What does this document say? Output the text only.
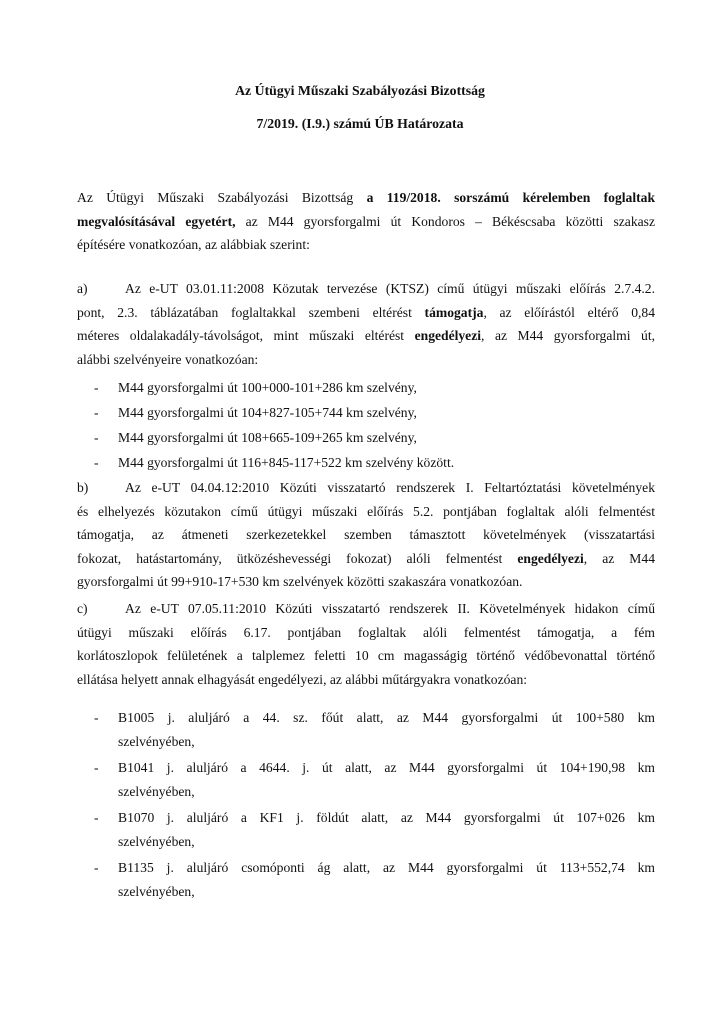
Az Útügyi Műszaki Szabályozási Bizottság
7/2019. (I.9.) számú ÚB Határozata
Az Útügyi Műszaki Szabályozási Bizottság a 119/2018. sorszámú kérelemben foglaltak
megvalósításával egyetért, az M44 gyorsforgalmi út Kondoros – Békéscsaba közötti szakasz
építésére vonatkozóan, az alábbiak szerint:
a)	Az e-UT 03.01.11:2008 Közutak tervezése (KTSZ) című útügyi műszaki előírás 2.7.4.2.
pont, 2.3. táblázatában foglaltakkal szembeni eltérést támogatja, az előírástól eltérő 0,84
méteres oldalakadály-távolságot, mint műszaki eltérést engedélyezi, az M44 gyorsforgalmi út,
alábbi szelvényeire vonatkozóan:
-	M44 gyorsforgalmi út 100+000-101+286 km szelvény,
-	M44 gyorsforgalmi út 104+827-105+744 km szelvény,
-	M44 gyorsforgalmi út 108+665-109+265 km szelvény,
-	M44 gyorsforgalmi út 116+845-117+522 km szelvény között.
b)	Az e-UT 04.04.12:2010 Közúti visszatartó rendszerek I. Feltartóztatási követelmények
és elhelyezés közutakon című útügyi műszaki előírás 5.2. pontjában foglaltak alóli felmentést
támogatja, az átmeneti szerkezetekkel szemben támasztott követelmények (visszatartási
fokozat, hatástartomány, ütközéshevességi fokozat) alóli felmentést engedélyezi, az M44
gyorsforgalmi út 99+910-17+530 km szelvények közötti szakaszára vonatkozóan.
c)	Az e-UT 07.05.11:2010 Közúti visszatartó rendszerek II. Követelmények hidakon című
útügyi műszaki előírás 6.17. pontjában foglaltak alóli felmentést támogatja, a fém
korlátoszlopok felületének a talplemez feletti 10 cm magasságig történő védőbevonattal történő
ellátása helyett annak elhagyását engedélyezi, az alábbi műtárgyakra vonatkozóan:
-	B1005 j. aluljáró a 44. sz. főút alatt, az M44 gyorsforgalmi út 100+580 km
szelvényében,
-	B1041 j. aluljáró a 4644. j. út alatt, az M44 gyorsforgalmi út 104+190,98 km
szelvényében,
-	B1070 j. aluljáró a KF1 j. földút alatt, az M44 gyorsforgalmi út 107+026 km
szelvényében,
-	B1135 j. aluljáró csomóponti ág alatt, az M44 gyorsforgalmi út 113+552,74 km
szelvényében,
